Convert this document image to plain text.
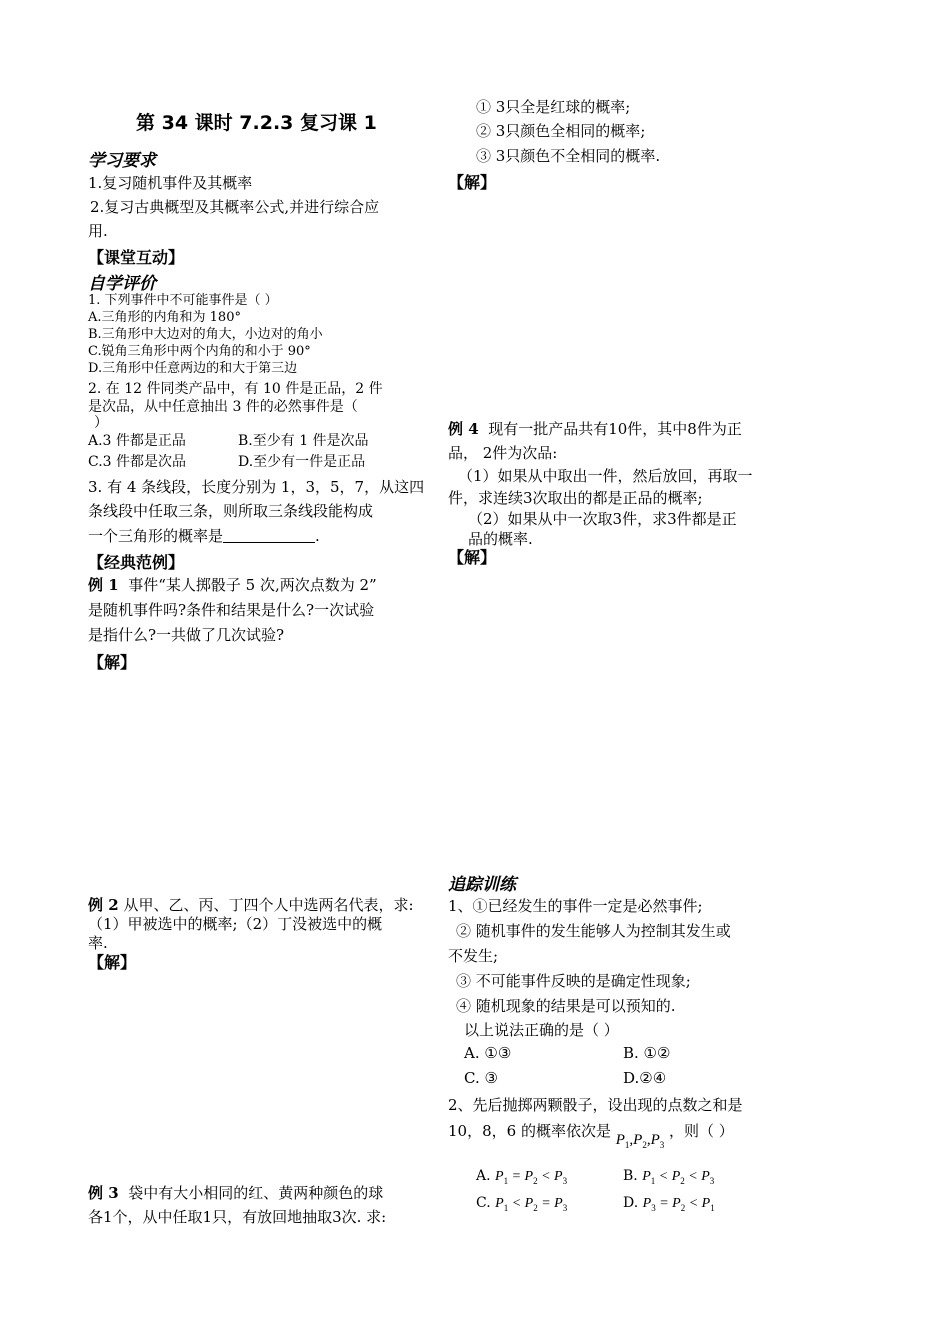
第 34 课时 7.2.3 复习课 1
学习要求
1.复习随机事件及其概率
2.复习古典概型及其概率公式,并进行综合应
用.
【课堂互动】
自学评价
1. 下列事件中不可能事件是（ ）
A.三角形的内角和为 180°
B.三角形中大边对的角大，小边对的角小
C.锐角三角形中两个内角的和小于 90°
D.三角形中任意两边的和大于第三边
2. 在 12 件同类产品中，有 10 件是正品，2 件
是次品，从中任意抽出 3 件的必然事件是（
）
A.3 件都是正品	B.至少有 1 件是次品
C.3 件都是次品	D.至少有一件是正品
3. 有 4 条线段，长度分别为 1，3，5，7，从这四
条线段中任取三条，则所取三条线段能构成
一个三角形的概率是	.
【经典范例】
例 1 事件“某人掷骰子 5 次,两次点数为 2”
是随机事件吗?条件和结果是什么?一次试验
是指什么?一共做了几次试验?
【解】
例 2 从甲、乙、丙、丁四个人中选两名代表，求:
（1）甲被选中的概率;（2）丁没被选中的概
率.
【解】
例 3 袋中有大小相同的红、黄两种颜色的球
各1个，从中任取1只，有放回地抽取3次. 求:
① 3只全是红球的概率;
② 3只颜色全相同的概率;
③ 3只颜色不全相同的概率.
【解】
例 4 现有一批产品共有10件，其中8件为正
品， 2件为次品:
（1）如果从中取出一件，然后放回，再取一
件，求连续3次取出的都是正品的概率;
（2）如果从中一次取3件，求3件都是正
品的概率.
【解】
追踪训练
1、①已经发生的事件一定是必然事件;
② 随机事件的发生能够人为控制其发生或
不发生;
③ 不可能事件反映的是确定性现象;
④ 随机现象的结果是可以预知的.
以上说法正确的是（ ）
A. ①③	B. ①②
C. ③	D.②④
2、先后抛掷两颗骰子，设出现的点数之和是
10，8，6 的概率依次是 $P_1,P_2,P_3$ ，则（ ）
A. $P_1 = P_2 < P_3$	B. $P_1 < P_2 < P_3$
C. $P_1 < P_2 = P_3$	D. $P_3 = P_2 < P_1$
